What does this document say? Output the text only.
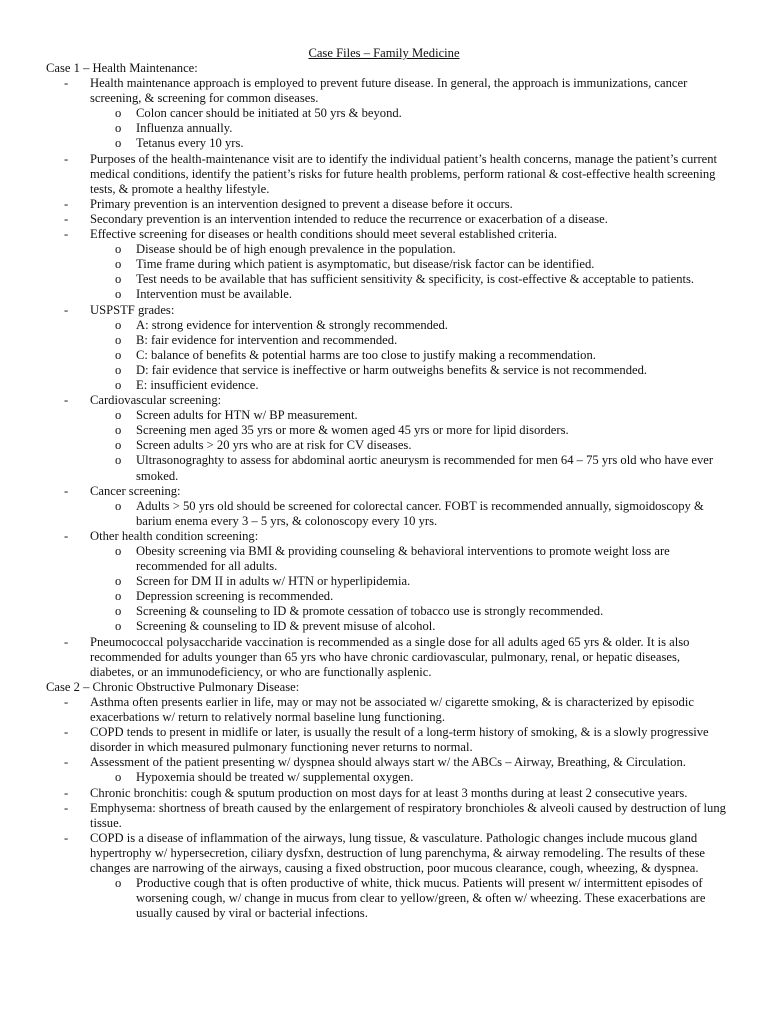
Case Files – Family Medicine
Case 1 – Health Maintenance:
- Health maintenance approach is employed to prevent future disease. In general, the approach is immunizations, cancer screening, & screening for common diseases.
o Colon cancer should be initiated at 50 yrs & beyond.
o Influenza annually.
o Tetanus every 10 yrs.
- Purposes of the health-maintenance visit are to identify the individual patient’s health concerns, manage the patient’s current medical conditions, identify the patient’s risks for future health problems, perform rational & cost-effective health screening tests, & promote a healthy lifestyle.
- Primary prevention is an intervention designed to prevent a disease before it occurs.
- Secondary prevention is an intervention intended to reduce the recurrence or exacerbation of a disease.
- Effective screening for diseases or health conditions should meet several established criteria.
o Disease should be of high enough prevalence in the population.
o Time frame during which patient is asymptomatic, but disease/risk factor can be identified.
o Test needs to be available that has sufficient sensitivity & specificity, is cost-effective & acceptable to patients.
o Intervention must be available.
- USPSTF grades:
o A: strong evidence for intervention & strongly recommended.
o B: fair evidence for intervention and recommended.
o C: balance of benefits & potential harms are too close to justify making a recommendation.
o D: fair evidence that service is ineffective or harm outweighs benefits & service is not recommended.
o E: insufficient evidence.
- Cardiovascular screening:
o Screen adults for HTN w/ BP measurement.
o Screening men aged 35 yrs or more & women aged 45 yrs or more for lipid disorders.
o Screen adults > 20 yrs who are at risk for CV diseases.
o Ultrasonograghty to assess for abdominal aortic aneurysm is recommended for men 64 – 75 yrs old who have ever smoked.
- Cancer screening:
o Adults > 50 yrs old should be screened for colorectal cancer. FOBT is recommended annually, sigmoidoscopy & barium enema every 3 – 5 yrs, & colonoscopy every 10 yrs.
- Other health condition screening:
o Obesity screening via BMI & providing counseling & behavioral interventions to promote weight loss are recommended for all adults.
o Screen for DM II in adults w/ HTN or hyperlipidemia.
o Depression screening is recommended.
o Screening & counseling to ID & promote cessation of tobacco use is strongly recommended.
o Screening & counseling to ID & prevent misuse of alcohol.
- Pneumococcal polysaccharide vaccination is recommended as a single dose for all adults aged 65 yrs & older. It is also recommended for adults younger than 65 yrs who have chronic cardiovascular, pulmonary, renal, or hepatic diseases, diabetes, or an immunodeficiency, or who are functionally asplenic.
Case 2 – Chronic Obstructive Pulmonary Disease:
- Asthma often presents earlier in life, may or may not be associated w/ cigarette smoking, & is characterized by episodic exacerbations w/ return to relatively normal baseline lung functioning.
- COPD tends to present in midlife or later, is usually the result of a long-term history of smoking, & is a slowly progressive disorder in which measured pulmonary functioning never returns to normal.
- Assessment of the patient presenting w/ dyspnea should always start w/ the ABCs – Airway, Breathing, & Circulation.
o Hypoxemia should be treated w/ supplemental oxygen.
- Chronic bronchitis: cough & sputum production on most days for at least 3 months during at least 2 consecutive years.
- Emphysema: shortness of breath caused by the enlargement of respiratory bronchioles & alveoli caused by destruction of lung tissue.
- COPD is a disease of inflammation of the airways, lung tissue, & vasculature. Pathologic changes include mucous gland hypertrophy w/ hypersecretion, ciliary dysfxn, destruction of lung parenchyma, & airway remodeling. The results of these changes are narrowing of the airways, causing a fixed obstruction, poor mucous clearance, cough, wheezing, & dyspnea.
o Productive cough that is often productive of white, thick mucus. Patients will present w/ intermittent episodes of worsening cough, w/ change in mucus from clear to yellow/green, & often w/ wheezing. These exacerbations are usually caused by viral or bacterial infections.
